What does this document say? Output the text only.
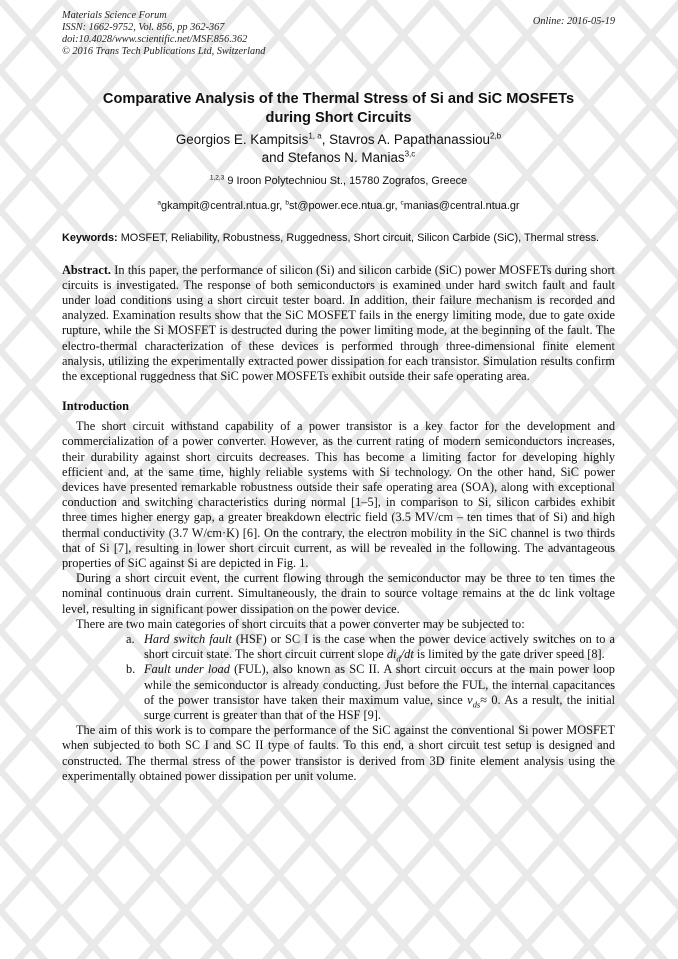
Materials Science Forum
ISSN: 1662-9752, Vol. 856, pp 362-367
doi:10.4028/www.scientific.net/MSF.856.362
© 2016 Trans Tech Publications Ltd, Switzerland
Online: 2016-05-19
Comparative Analysis of the Thermal Stress of Si and SiC MOSFETs
during Short Circuits
Georgios E. Kampitsis$^{1, a}$, Stavros A. Papathanassiou$^{2,b}$
and Stefanos N. Manias$^{3,c}$
$^{1,2,3}$ 9 Iroon Polytechniou St., 15780 Zografos, Greece
$^a$gkampit@central.ntua.gr, $^b$st@power.ece.ntua.gr, $^c$manias@central.ntua.gr
Keywords: MOSFET, Reliability, Robustness, Ruggedness, Short circuit, Silicon Carbide (SiC), Thermal stress.
Abstract. In this paper, the performance of silicon (Si) and silicon carbide (SiC) power MOSFETs during short circuits is investigated. The response of both semiconductors is examined under hard switch fault and fault under load conditions using a short circuit tester board. In addition, their failure mechanism is recorded and analyzed. Examination results show that the SiC MOSFET fails in the energy limiting mode, due to gate oxide rupture, while the Si MOSFET is destructed during the power limiting mode, at the beginning of the fault. The electro-thermal characterization of these devices is performed through three-dimensional finite element analysis, utilizing the experimentally extracted power dissipation for each transistor. Simulation results confirm the exceptional ruggedness that SiC power MOSFETs exhibit outside their safe operating area.
Introduction
The short circuit withstand capability of a power transistor is a key factor for the development and commercialization of a power converter. However, as the current rating of modern semiconductors increases, their durability against short circuits decreases. This has become a limiting factor for developing highly efficient and, at the same time, highly reliable systems with Si technology. On the other hand, SiC power devices have presented remarkable robustness outside their safe operating area (SOA), along with exceptional conduction and switching characteristics during normal [1–5], in comparison to Si, silicon carbides exhibit three times higher energy gap, a greater breakdown electric field (3.5 MV/cm – ten times that of Si) and high thermal conductivity (3.7 W/cm·K) [6]. On the contrary, the electron mobility in the SiC channel is two thirds that of Si [7], resulting in lower short circuit current, as will be revealed in the following. The advantageous properties of SiC against Si are depicted in Fig. 1.
During a short circuit event, the current flowing through the semiconductor may be three to ten times the nominal continuous drain current. Simultaneously, the drain to source voltage remains at the dc link voltage level, resulting in significant power dissipation on the power device.
There are two main categories of short circuits that a power converter may be subjected to:
a. Hard switch fault (HSF) or SC I is the case when the power device actively switches on to a short circuit state. The short circuit current slope $di_d/dt$ is limited by the gate driver speed [8].
b. Fault under load (FUL), also known as SC II. A short circuit occurs at the main power loop while the semiconductor is already conducting. Just before the FUL, the internal capacitances of the power transistor have taken their maximum value, since $v_{ds}\approx 0$. As a result, the initial surge current is greater than that of the HSF [9].
The aim of this work is to compare the performance of the SiC against the conventional Si power MOSFET when subjected to both SC I and SC II type of faults. To this end, a short circuit test setup is designed and constructed. The thermal stress of the power transistor is derived from 3D finite element analysis using the experimentally obtained power dissipation per unit volume.
